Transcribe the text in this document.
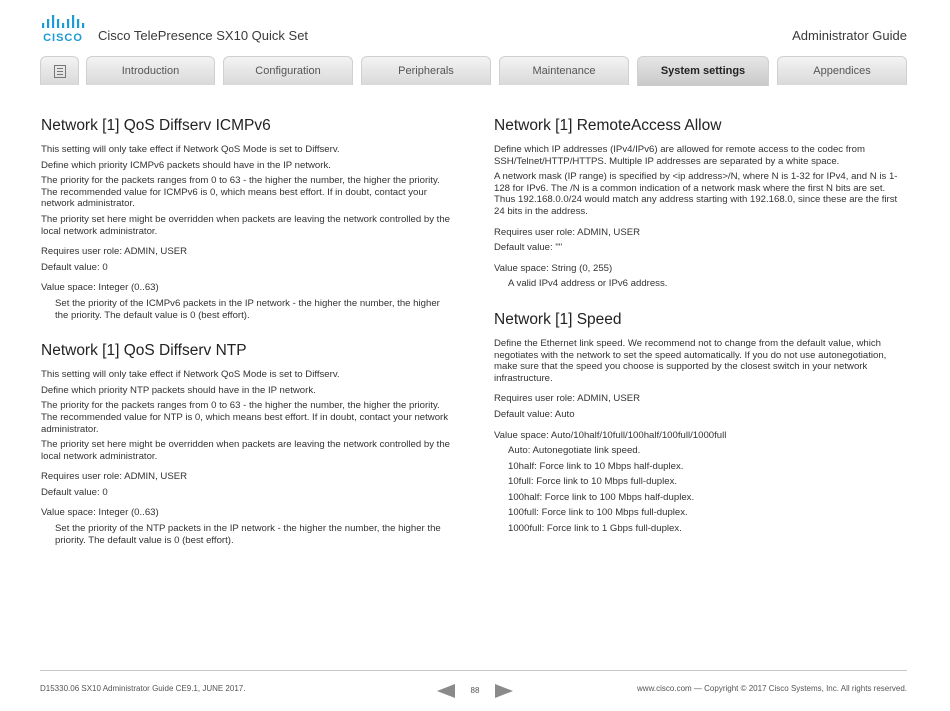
CISCO Cisco TelePresence SX10 Quick Set	Administrator Guide
Introduction	Configuration	Peripherals	Maintenance	System settings	Appendices
Network [1] QoS Diffserv ICMPv6

This setting will only take effect if Network QoS Mode is set to Diffserv.

Define which priority ICMPv6 packets should have in the IP network.

The priority for the packets ranges from 0 to 63 - the higher the number, the higher the priority. The recommended value for ICMPv6 is 0, which means best effort. If in doubt, contact your network administrator.

The priority set here might be overridden when packets are leaving the network controlled by the local network administrator.

Requires user role: ADMIN, USER

Default value: 0

Value space: Integer (0..63)

Set the priority of the ICMPv6 packets in the IP network - the higher the number, the higher the priority. The default value is 0 (best effort).

Network [1] QoS Diffserv NTP

This setting will only take effect if Network QoS Mode is set to Diffserv.

Define which priority NTP packets should have in the IP network.

The priority for the packets ranges from 0 to 63 - the higher the number, the higher the priority. The recommended value for NTP is 0, which means best effort. If in doubt, contact your network administrator.

The priority set here might be overridden when packets are leaving the network controlled by the local network administrator.

Requires user role: ADMIN, USER

Default value: 0

Value space: Integer (0..63)

Set the priority of the NTP packets in the IP network - the higher the number, the higher the priority. The default value is 0 (best effort).

Network [1] RemoteAccess Allow

Define which IP addresses (IPv4/IPv6) are allowed for remote access to the codec from SSH/Telnet/HTTP/HTTPS. Multiple IP addresses are separated by a white space.

A network mask (IP range) is specified by <ip address>/N, where N is 1-32 for IPv4, and N is 1-128 for IPv6. The /N is a common indication of a network mask where the first N bits are set. Thus 192.168.0.0/24 would match any address starting with 192.168.0, since these are the first 24 bits in the address.

Requires user role: ADMIN, USER

Default value: ""

Value space: String (0, 255)

A valid IPv4 address or IPv6 address.

Network [1] Speed

Define the Ethernet link speed. We recommend not to change from the default value, which negotiates with the network to set the speed automatically. If you do not use autonegotiation, make sure that the speed you choose is supported by the closest switch in your network infrastructure.

Requires user role: ADMIN, USER

Default value: Auto

Value space: Auto/10half/10full/100half/100full/1000full

Auto: Autonegotiate link speed.

10half: Force link to 10 Mbps half-duplex.

10full: Force link to 10 Mbps full-duplex.

100half: Force link to 100 Mbps half-duplex.

100full: Force link to 100 Mbps full-duplex.

1000full: Force link to 1 Gbps full-duplex.

D15330.06 SX10 Administrator Guide CE9.1, JUNE 2017.	88	www.cisco.com — Copyright © 2017 Cisco Systems, Inc. All rights reserved.
